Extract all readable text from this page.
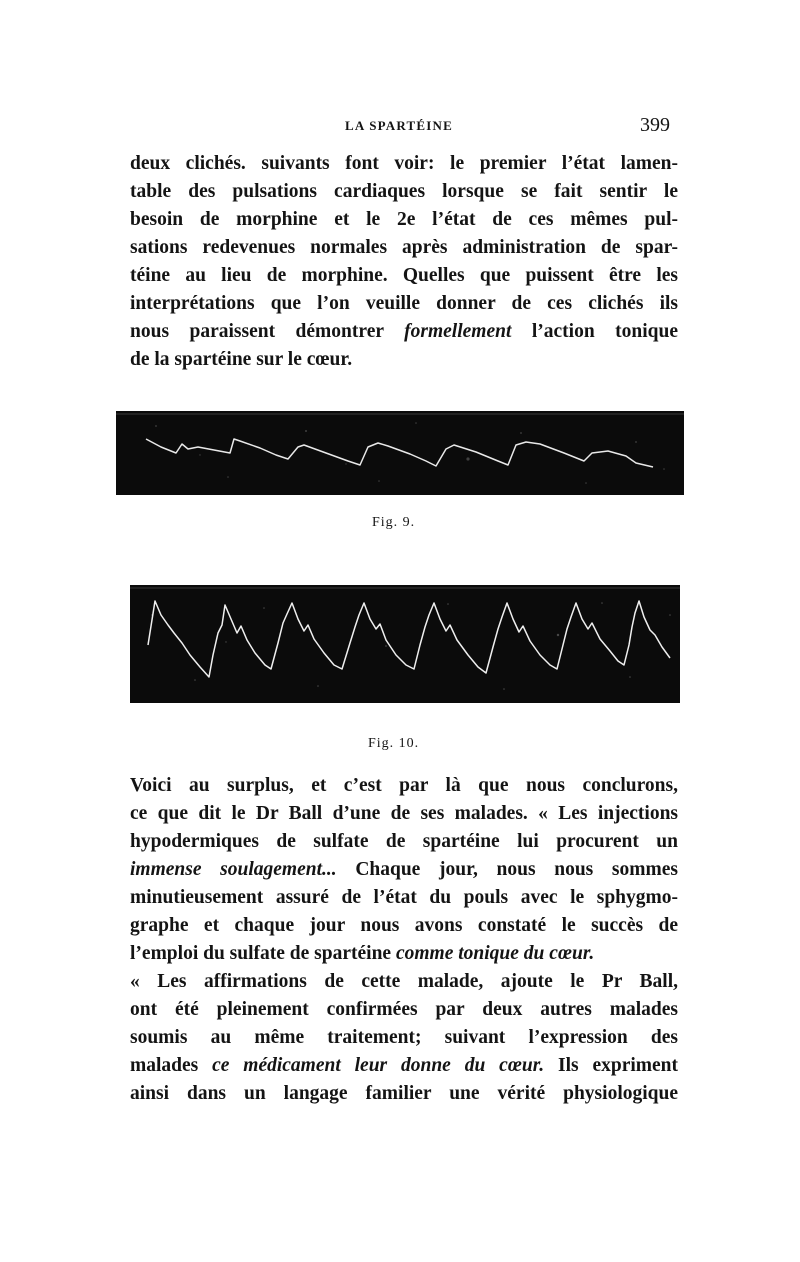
LA SPARTÉINE	399
deux clichés. suivants font voir: le premier l’état lamen-
table des pulsations cardiaques lorsque se fait sentir le
besoin de morphine et le 2e l’état de ces mêmes pul-
sations redevenues normales après administration de spar-
téine au lieu de morphine. Quelles que puissent être les
interprétations que l’on veuille donner de ces clichés ils
nous paraissent démontrer formellement l’action tonique
de la spartéine sur le cœur.
Fig. 9.
Fig. 10.
Voici au surplus, et c’est par là que nous conclurons,
ce que dit le Dr Ball d’une de ses malades. « Les injections
hypodermiques de sulfate de spartéine lui procurent un
immense soulagement... Chaque jour, nous nous sommes
minutieusement assuré de l’état du pouls avec le sphygmo-
graphe et chaque jour nous avons constaté le succès de
l’emploi du sulfate de spartéine comme tonique du cœur.
« Les affirmations de cette malade, ajoute le Pr Ball,
ont été pleinement confirmées par deux autres malades
soumis au même traitement; suivant l’expression des
malades ce médicament leur donne du cœur. Ils expriment
ainsi dans un langage familier une vérité physiologique
